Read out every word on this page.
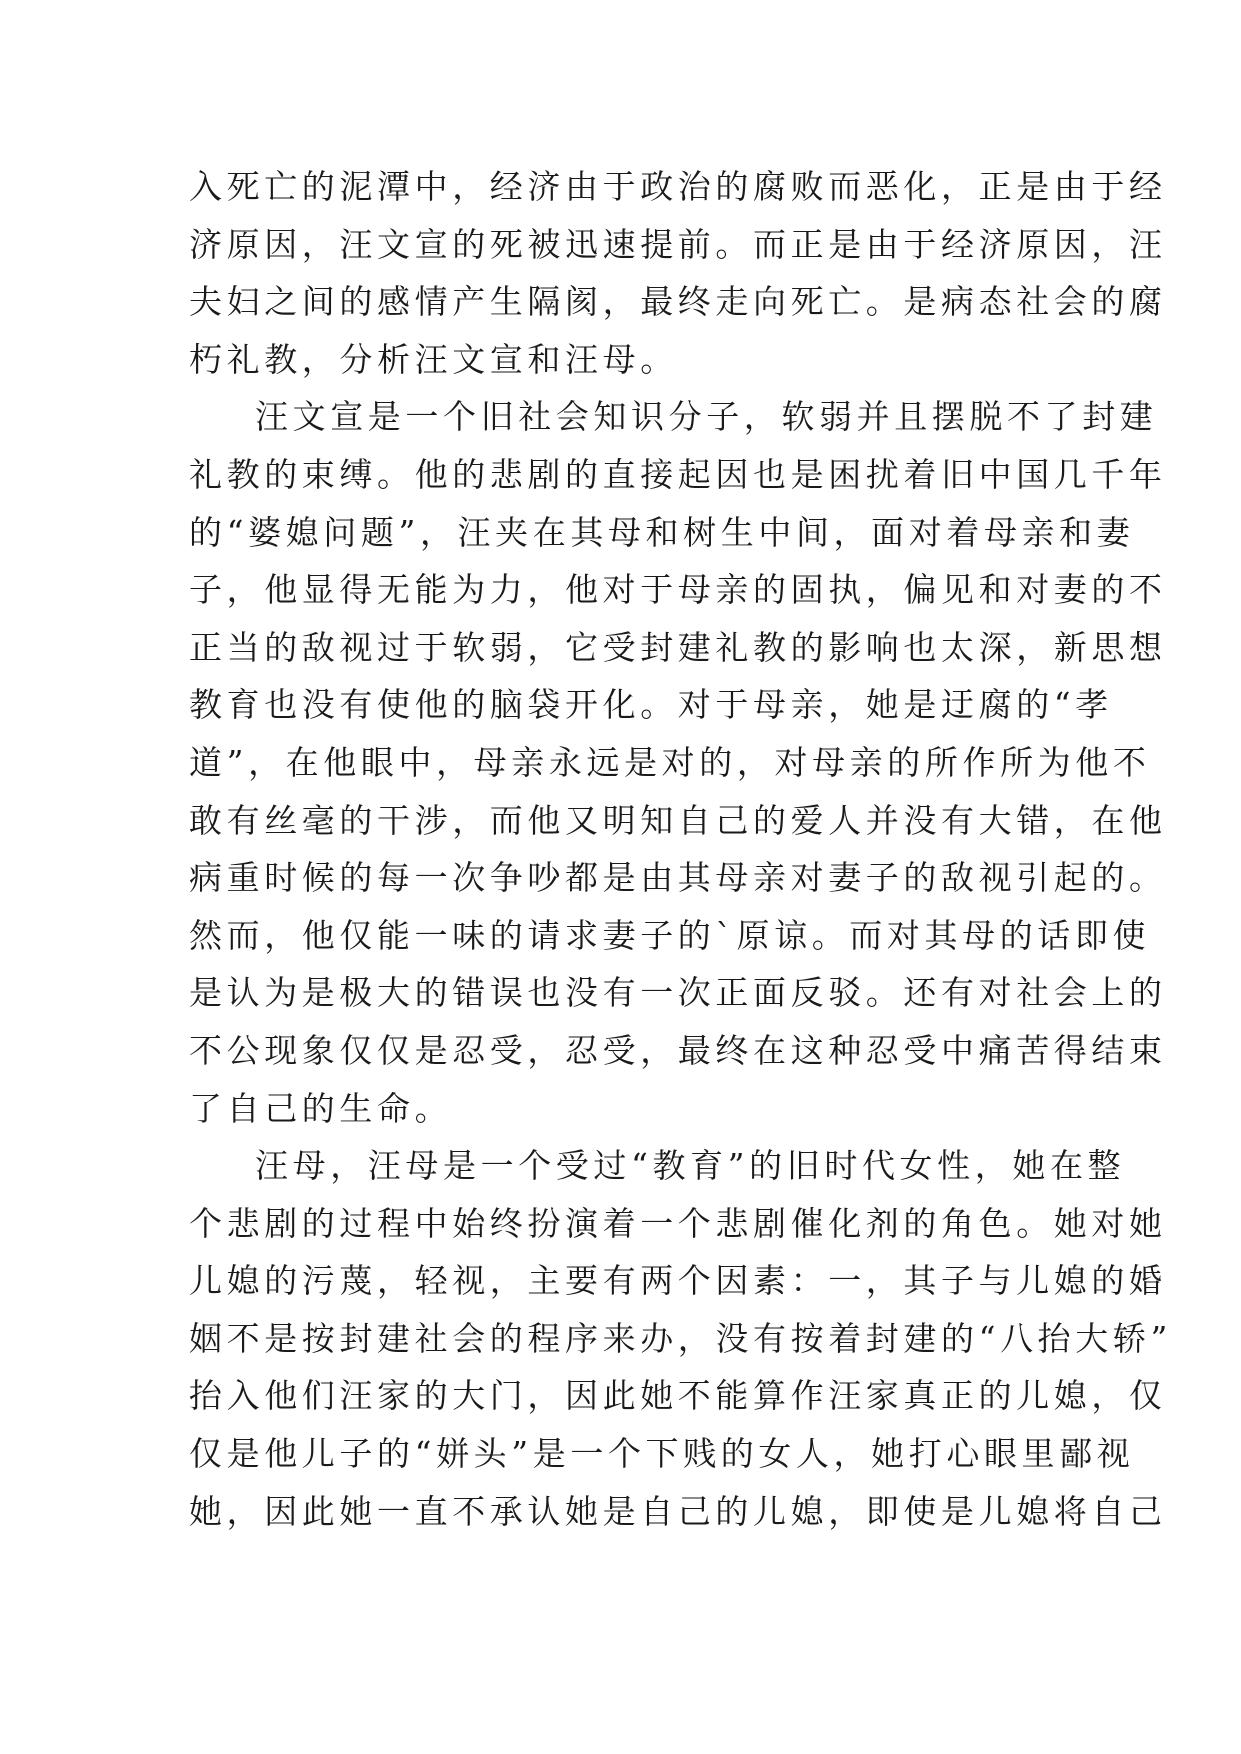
入死亡的泥潭中，经济由于政治的腐败而恶化，正是由于经
济原因，汪文宣的死被迅速提前。而正是由于经济原因，汪
夫妇之间的感情产生隔阂，最终走向死亡。是病态社会的腐
朽礼教，分析汪文宣和汪母。
汪文宣是一个旧社会知识分子，软弱并且摆脱不了封建
礼教的束缚。他的悲剧的直接起因也是困扰着旧中国几千年
的“婆媳问题”，汪夹在其母和树生中间，面对着母亲和妻
子，他显得无能为力，他对于母亲的固执，偏见和对妻的不
正当的敌视过于软弱，它受封建礼教的影响也太深，新思想
教育也没有使他的脑袋开化。对于母亲，她是迂腐的“孝
道”，在他眼中，母亲永远是对的，对母亲的所作所为他不
敢有丝毫的干涉，而他又明知自己的爱人并没有大错，在他
病重时候的每一次争吵都是由其母亲对妻子的敌视引起的。
然而，他仅能一味的请求妻子的`原谅。而对其母的话即使
是认为是极大的错误也没有一次正面反驳。还有对社会上的
不公现象仅仅是忍受，忍受，最终在这种忍受中痛苦得结束
了自己的生命。
汪母，汪母是一个受过“教育”的旧时代女性，她在整
个悲剧的过程中始终扮演着一个悲剧催化剂的角色。她对她
儿媳的污蔑，轻视，主要有两个因素：一，其子与儿媳的婚
姻不是按封建社会的程序来办，没有按着封建的“八抬大轿”
抬入他们汪家的大门，因此她不能算作汪家真正的儿媳，仅
仅是他儿子的“姘头”是一个下贱的女人，她打心眼里鄙视
她，因此她一直不承认她是自己的儿媳，即使是儿媳将自己
